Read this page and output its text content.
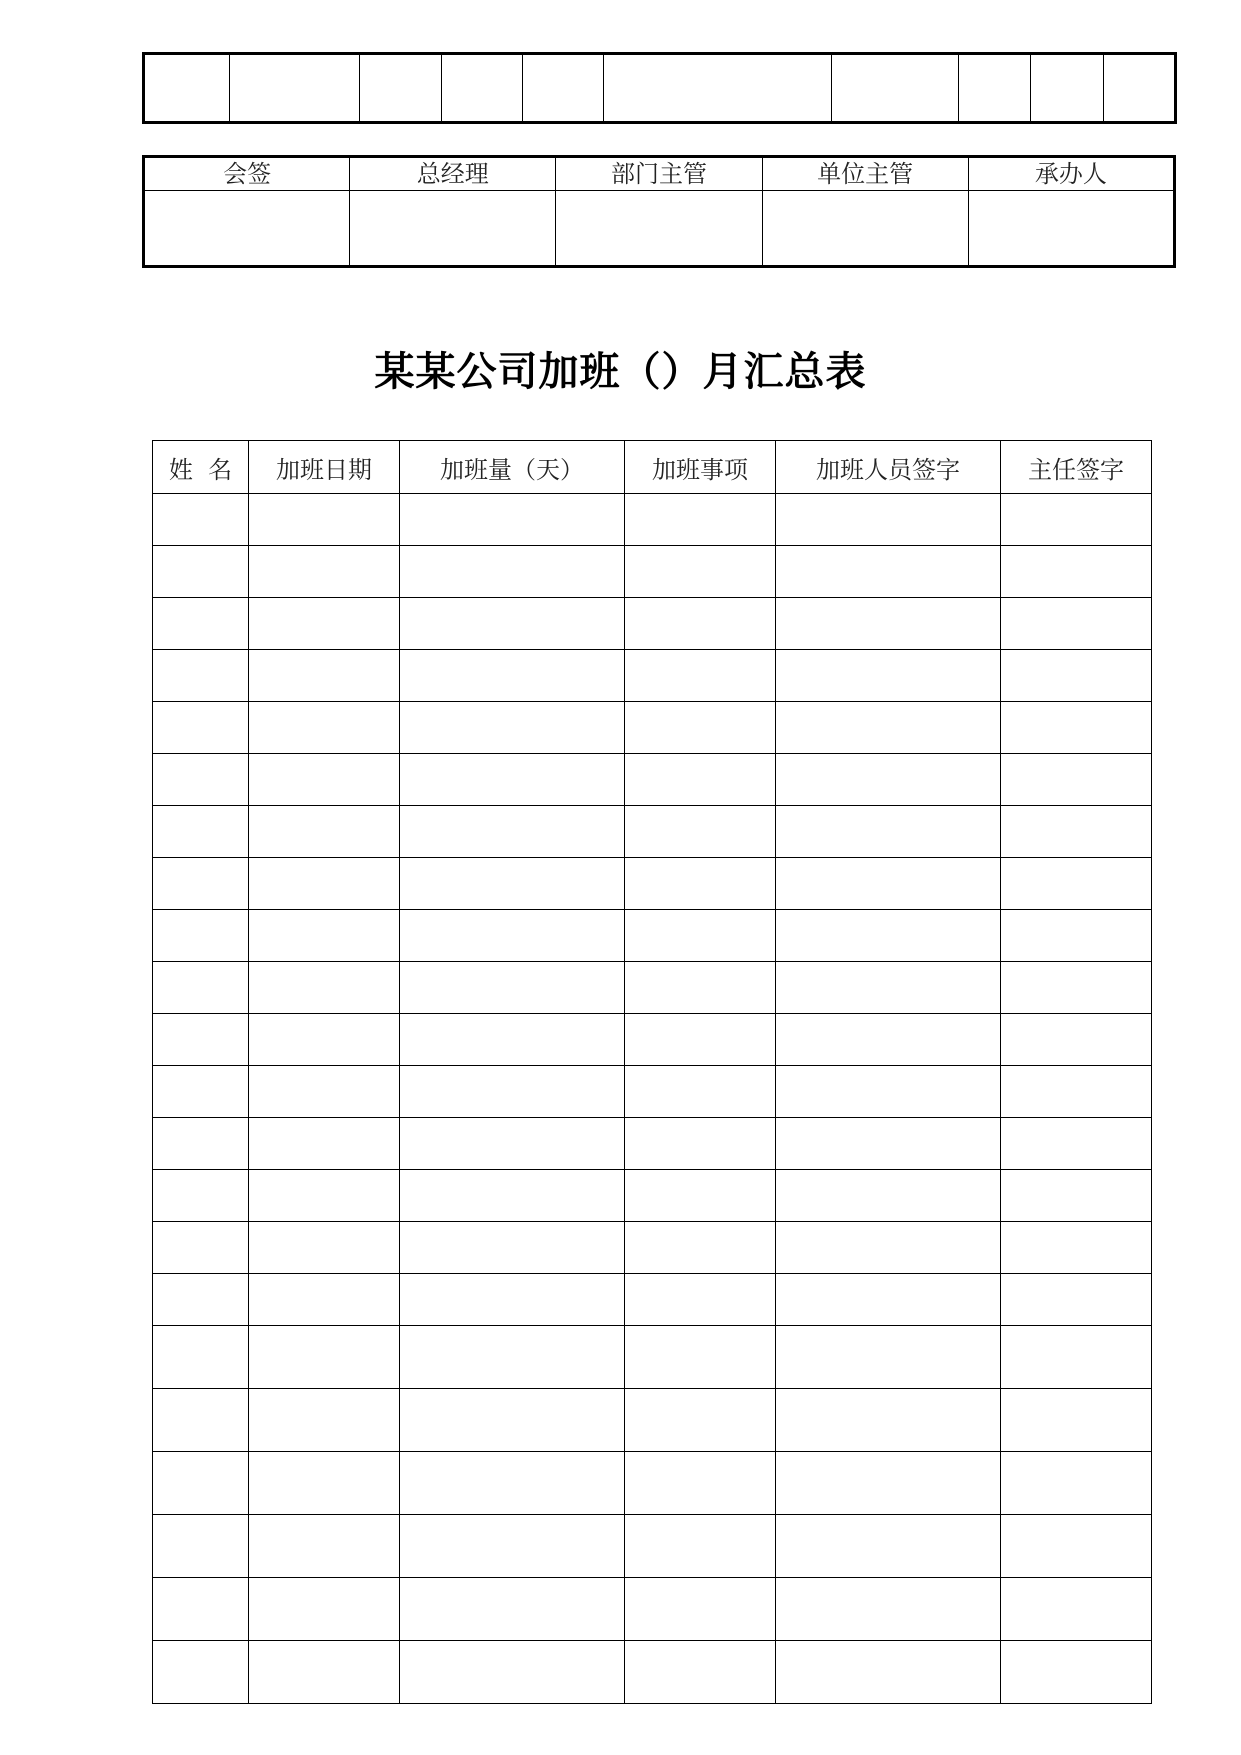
会签	总经理	部门主管	单位主管	承办人

某某公司加班（）月汇总表
姓  名	加班日期	加班量（天）	加班事项	加班人员签字	主任签字
